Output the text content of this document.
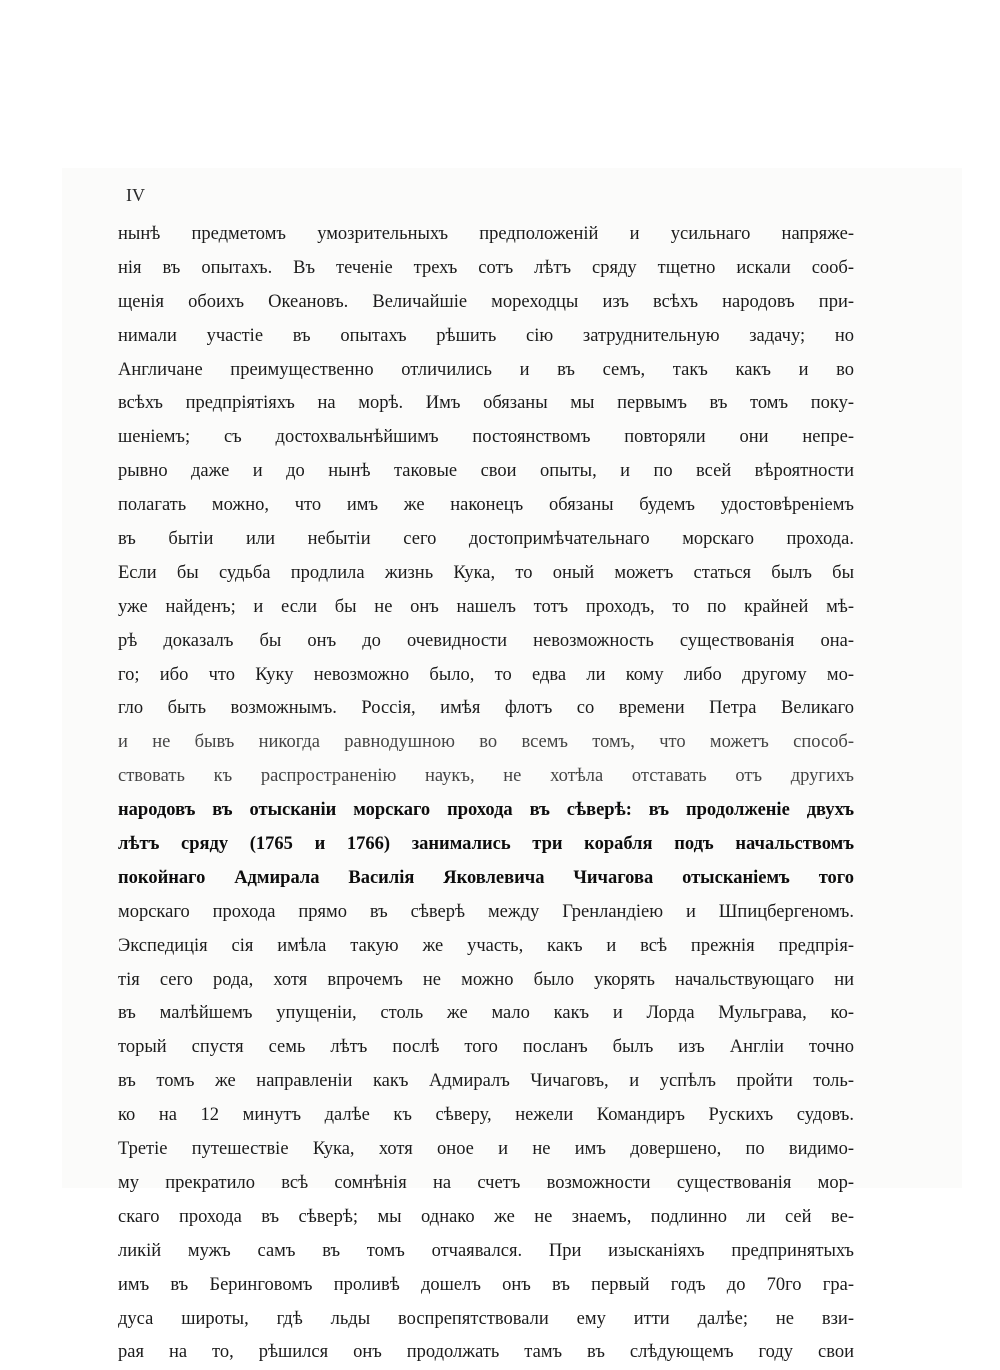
IV
нынѣ предметомъ умозрительныхъ предположеній и усильнаго напряже-
нія въ опытахъ. Въ теченіе трехъ сотъ лѣтъ сряду тщетно искали сооб-
щенія обоихъ Океановъ. Величайшіе мореходцы изъ всѣхъ народовъ при-
нимали участіе въ опытахъ рѣшить сію затруднительную задачу; но
Англичане преимущественно отличились и въ семъ, такъ какъ и во
всѣхъ предпріятіяхъ на морѣ. Имъ обязаны мы первымъ въ томъ поку-
шеніемъ; съ достохвальнѣйшимъ постоянствомъ повторяли они непре-
рывно даже и до нынѣ таковые свои опыты, и по всей вѣроятности
полагать можно, что имъ же наконецъ обязаны будемъ удостовѣреніемъ
въ бытіи или небытіи сего достопримѣчательнаго морскаго прохода.
Если бы судьба продлила жизнь Кука, то оный можетъ статься былъ бы
уже найденъ; и если бы не онъ нашелъ тотъ проходъ, то по крайней мѣ-
рѣ доказалъ бы онъ до очевидности невозможность существованія она-
го; ибо что Куку невозможно было, то едва ли кому либо другому мо-
гло быть возможнымъ. Россія, имѣя флотъ со времени Петра Великаго
и не бывъ никогда равнодушною во всемъ томъ, что можетъ способ-
ствовать къ распространенію наукъ, не хотѣла отставать отъ другихъ
народовъ въ отысканіи морскаго прохода въ сѣверѣ: въ продолженіе двухъ
лѣтъ сряду (1765 и 1766) занимались три корабля подъ начальствомъ
покойнаго Адмирала Василія Яковлевича Чичагова отысканіемъ того
морскаго прохода прямо въ сѣверѣ между Гренландіею и Шпицбергеномъ.
Экспедиція сія имѣла такую же участь, какъ и всѣ прежнія предпрія-
тія сего рода, хотя впрочемъ не можно было укорять начальствующаго ни
въ малѣйшемъ упущеніи, столь же мало какъ и Лорда Мульграва, ко-
торый спустя семь лѣтъ послѣ того посланъ былъ изъ Англіи точно
въ томъ же направленіи какъ Адмиралъ Чичаговъ, и успѣлъ пройти толь-
ко на 12 минутъ далѣе къ сѣверу, нежели Командиръ Рускихъ судовъ.
Третіе путешествіе Кука, хотя оное и не имъ довершено, по видимо-
му прекратило всѣ сомнѣнія на счетъ возможности существованія мор-
скаго прохода въ сѣверѣ; мы однако же не знаемъ, подлинно ли сей ве-
ликій мужъ самъ въ томъ отчаявался. При изысканіяхъ предпринятыхъ
имъ въ Беринговомъ проливѣ дошелъ онъ въ первый годъ до 70го гра-
дуса широты, гдѣ льды воспрепятствовали ему итти далѣе; не взи-
рая на то, рѣшился онъ продолжать тамъ въ слѣдующемъ году свои
